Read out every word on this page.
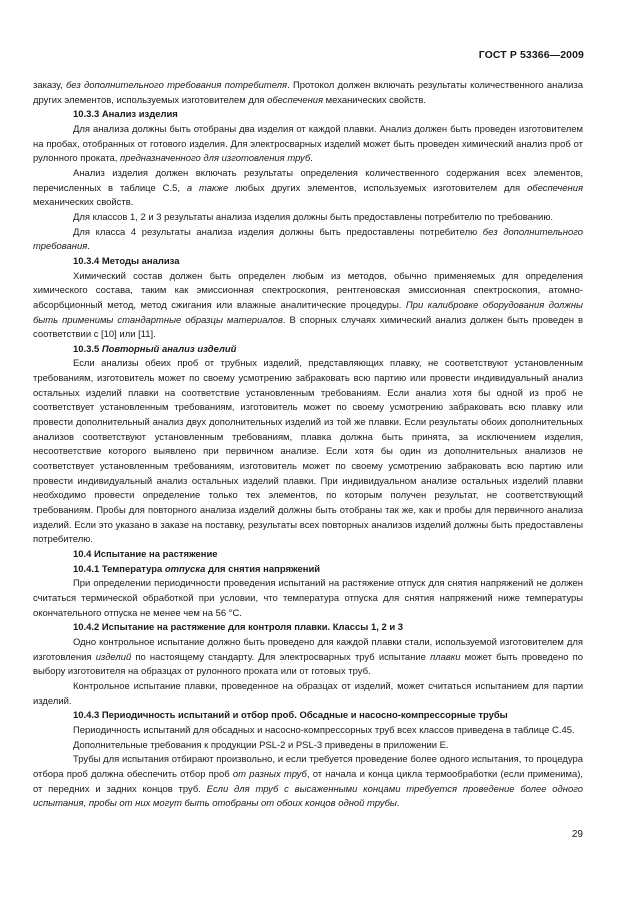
ГОСТ Р 53366—2009

заказу, без дополнительного требования потребителя. Протокол должен включать результаты количественного анализа других элементов, используемых изготовителем для обеспечения механических свойств.

10.3.3 Анализ изделия

Для анализа должны быть отобраны два изделия от каждой плавки. Анализ должен быть проведен изготовителем на пробах, отобранных от готового изделия. Для электросварных изделий может быть проведен химический анализ проб от рулонного проката, предназначенного для изготовления труб.

Анализ изделия должен включать результаты определения количественного содержания всех элементов, перечисленных в таблице С.5, а также любых других элементов, используемых изготовителем для обеспечения механических свойств.

Для классов 1, 2 и 3 результаты анализа изделия должны быть предоставлены потребителю по требованию.

Для класса 4 результаты анализа изделия должны быть предоставлены потребителю без дополнительного требования.

10.3.4 Методы анализа

Химический состав должен быть определен любым из методов, обычно применяемых для определения химического состава, таким как эмиссионная спектроскопия, рентгеновская эмиссионная спектроскопия, атомно-абсорбционный метод, метод сжигания или влажные аналитические процедуры. При калибровке оборудования должны быть применимы стандартные образцы материалов. В спорных случаях химический анализ должен быть проведен в соответствии с [10] или [11].

10.3.5 Повторный анализ изделий

Если анализы обеих проб от трубных изделий, представляющих плавку, не соответствуют установленным требованиям, изготовитель может по своему усмотрению забраковать всю партию или провести индивидуальный анализ остальных изделий плавки на соответствие установленным требованиям. Если анализ хотя бы одной из проб не соответствует установленным требованиям, изготовитель может по своему усмотрению забраковать всю плавку или провести дополнительный анализ двух дополнительных изделий из той же плавки. Если результаты обоих дополнительных анализов соответствуют установленным требованиям, плавка должна быть принята, за исключением изделия, несоответствие которого выявлено при первичном анализе. Если хотя бы один из дополнительных анализов не соответствует установленным требованиям, изготовитель может по своему усмотрению забраковать всю партию или провести индивидуальный анализ остальных изделий плавки. При индивидуальном анализе остальных изделий плавки необходимо провести определение только тех элементов, по которым получен результат, не соответствующий требованиям. Пробы для повторного анализа изделий должны быть отобраны так же, как и пробы для первичного анализа изделий. Если это указано в заказе на поставку, результаты всех повторных анализов изделий должны быть предоставлены потребителю.

10.4 Испытание на растяжение

10.4.1 Температура отпуска для снятия напряжений

При определении периодичности проведения испытаний на растяжение отпуск для снятия напряжений не должен считаться термической обработкой при условии, что температура отпуска для снятия напряжений ниже температуры окончательного отпуска не менее чем на 56 °С.

10.4.2 Испытание на растяжение для контроля плавки. Классы 1, 2 и 3

Одно контрольное испытание должно быть проведено для каждой плавки стали, используемой изготовителем для изготовления изделий по настоящему стандарту. Для электросварных труб испытание плавки может быть проведено по выбору изготовителя на образцах от рулонного проката или от готовых труб.

Контрольное испытание плавки, проведенное на образцах от изделий, может считаться испытанием для партии изделий.

10.4.3 Периодичность испытаний и отбор проб. Обсадные и насосно-компрессорные трубы

Периодичность испытаний для обсадных и насосно-компрессорных труб всех классов приведена в таблице С.45.

Дополнительные требования к продукции PSL-2 и PSL-3 приведены в приложении Е.

Трубы для испытания отбирают произвольно, и если требуется проведение более одного испытания, то процедура отбора проб должна обеспечить отбор проб от разных труб, от начала и конца цикла термообработки (если применима), от передних и задних концов труб. Если для труб с высаженными концами требуется проведение более одного испытания, пробы от них могут быть отобраны от обоих концов одной трубы.

29
